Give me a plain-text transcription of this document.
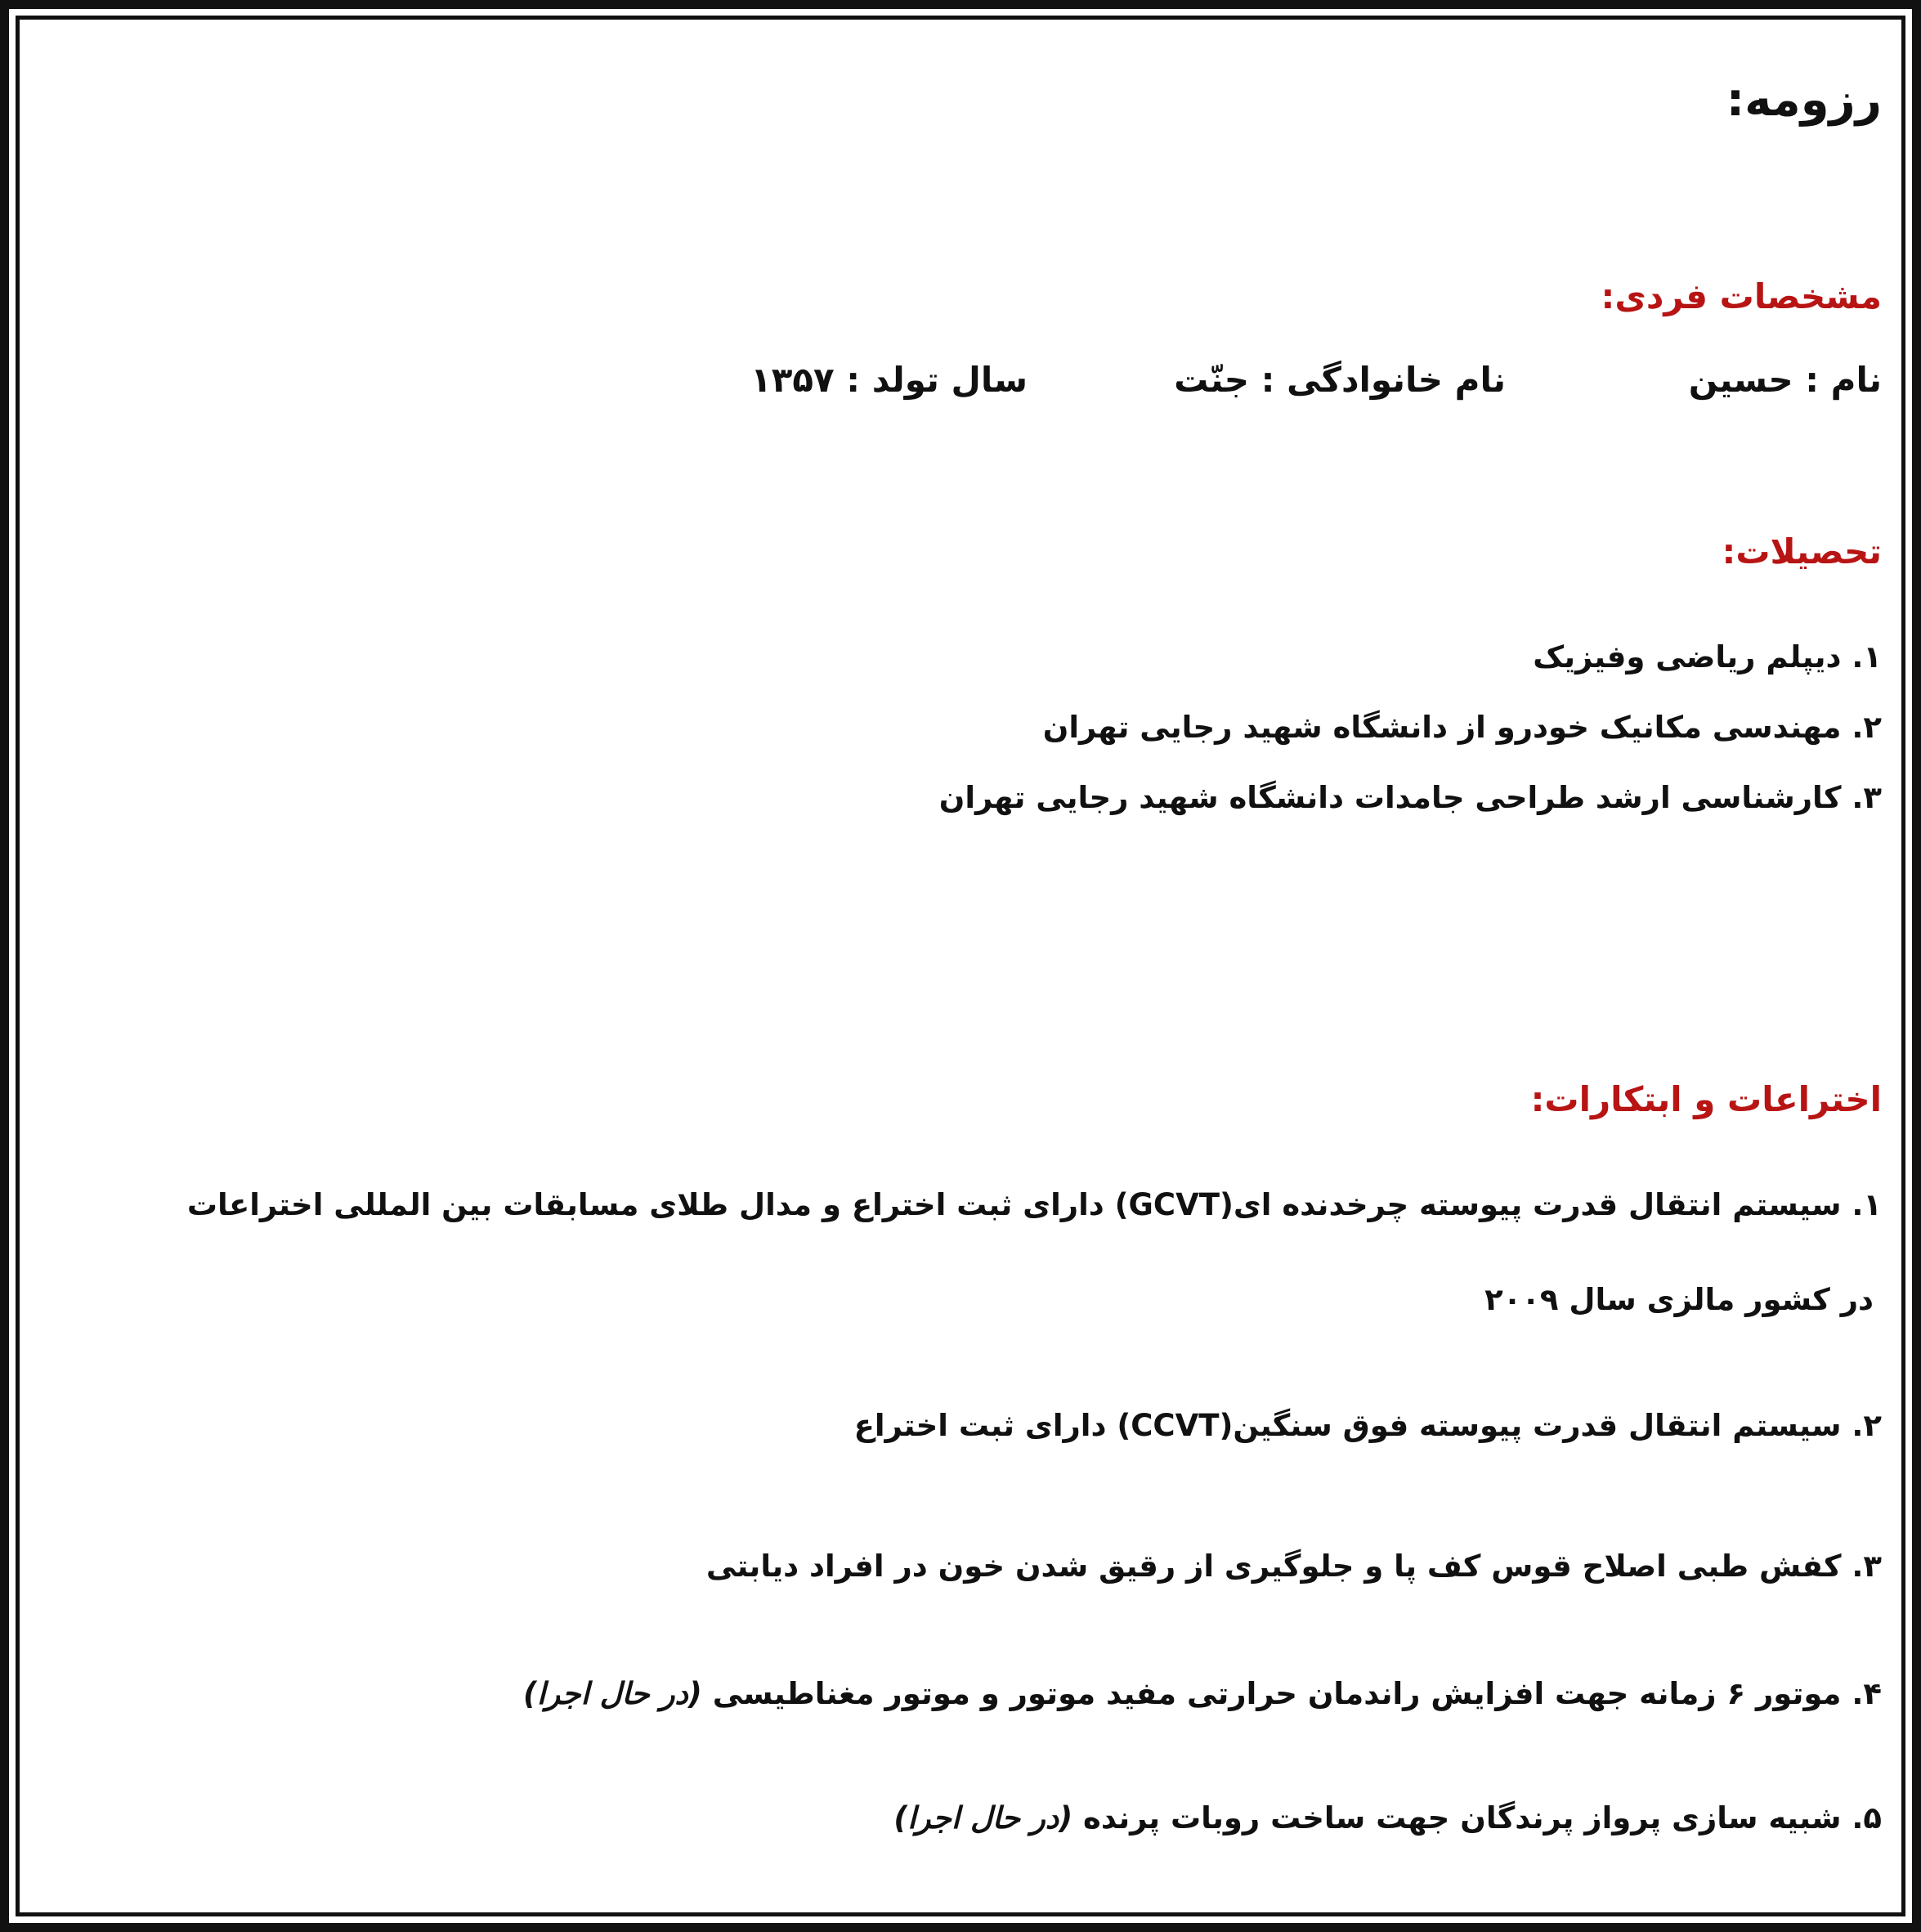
رزومه:
مشخصات فردی:
نام : حسین
نام خانوادگی : جنّت
سال تولد : ۱۳۵۷
تحصیلات:
۱. دیپلم ریاضی وفیزیک
۲. مهندسی مکانیک خودرو از دانشگاه شهید رجایی تهران
۳. کارشناسی ارشد طراحی جامدات دانشگاه شهید رجایی تهران
اختراعات و ابتکارات:
۱. سیستم انتقال قدرت پیوسته چرخدنده ای(GCVT) دارای ثبت اختراع و مدال طلای مسابقات بین المللی اختراعات
در کشور مالزی سال ۲۰۰۹
۲. سیستم انتقال قدرت پیوسته فوق سنگین(CCVT) دارای ثبت اختراع
۳. کفش طبی اصلاح قوس کف پا و جلوگیری از رقیق شدن خون در افراد دیابتی
۴. موتور ۶ زمانه جهت افزایش راندمان حرارتی مفید موتور و موتور مغناطیسی (در حال اجرا)
۵. شبیه سازی پرواز پرندگان جهت ساخت روبات پرنده (در حال اجرا)
